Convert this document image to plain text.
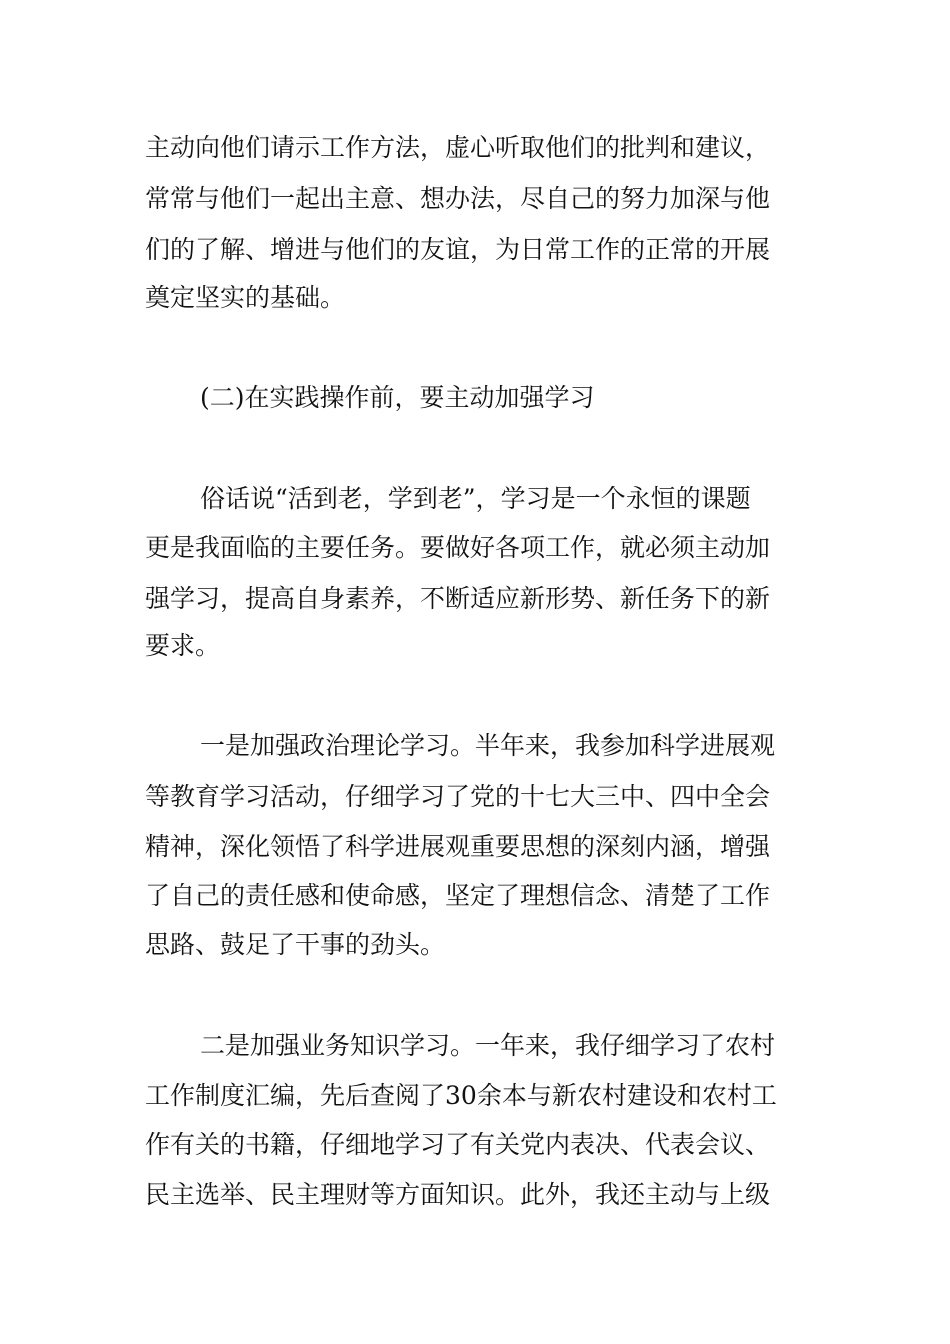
主动向他们请示工作方法，虚心听取他们的批判和建议，
常常与他们一起出主意、想办法，尽自己的努力加深与他
们的了解、增进与他们的友谊，为日常工作的正常的开展
奠定坚实的基础。
(二)在实践操作前，要主动加强学习
俗话说“活到老，学到老”，学习是一个永恒的课题
更是我面临的主要任务。要做好各项工作，就必须主动加
强学习，提高自身素养，不断适应新形势、新任务下的新
要求。
一是加强政治理论学习。半年来，我参加科学进展观
等教育学习活动，仔细学习了党的十七大三中、四中全会
精神，深化领悟了科学进展观重要思想的深刻内涵，增强
了自己的责任感和使命感，坚定了理想信念、清楚了工作
思路、鼓足了干事的劲头。
二是加强业务知识学习。一年来，我仔细学习了农村
工作制度汇编，先后查阅了30余本与新农村建设和农村工
作有关的书籍，仔细地学习了有关党内表决、代表会议、
民主选举、民主理财等方面知识。此外，我还主动与上级
